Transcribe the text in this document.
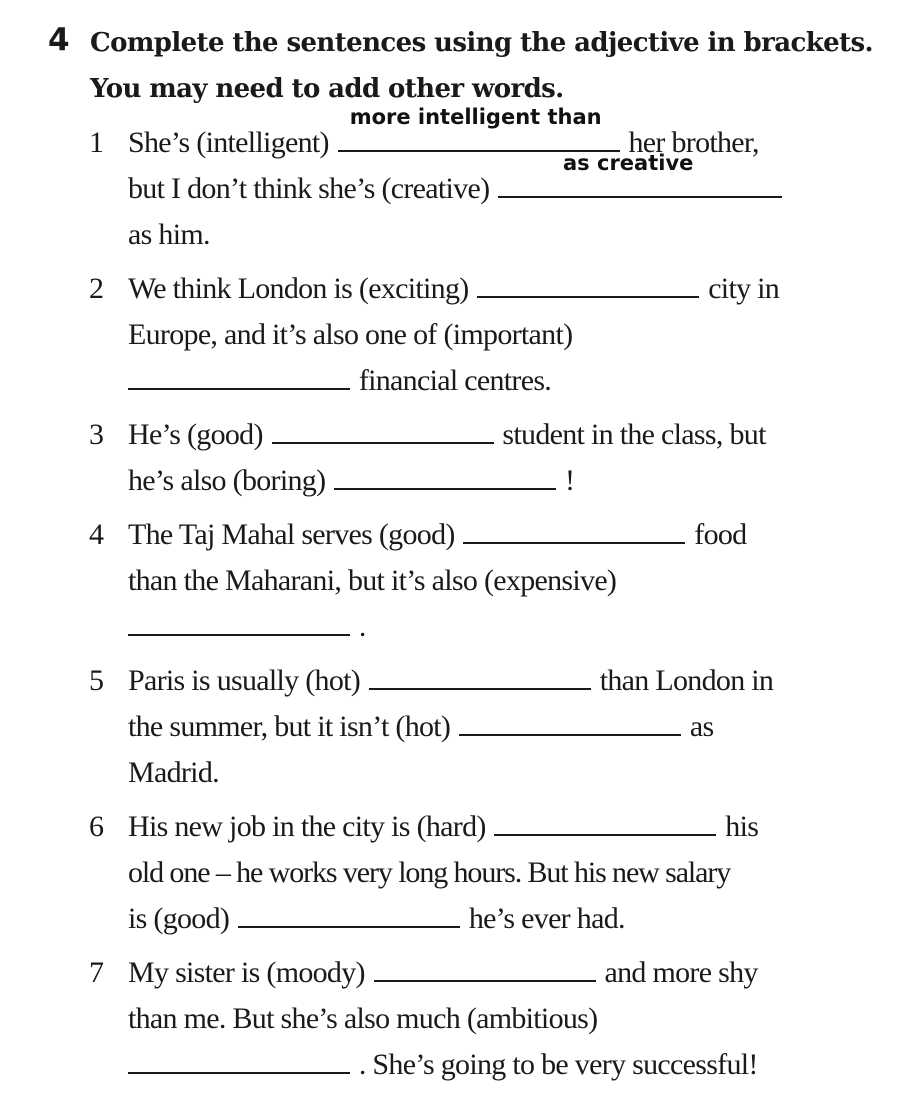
4 Complete the sentences using the adjective in brackets.
You may need to add other words.
1 She’s (intelligent)
more intelligent than
her brother,
but I don’t think she’s (creative)
as creative
as him.
2 We think London is (exciting)	city in
Europe, and it’s also one of (important)
financial centres.
3 He’s (good)	student in the class, but
he’s also (boring)	!
4 The Taj Mahal serves (good)	food
than the Maharani, but it’s also (expensive)
.
5 Paris is usually (hot)	than London in
the summer, but it isn’t (hot)	as
Madrid.
6 His new job in the city is (hard)	his
old one – he works very long hours. But his new salary
is (good)	he’s ever had.
7 My sister is (moody)	and more shy
than me. But she’s also much (ambitious)
. She’s going to be very successful!
